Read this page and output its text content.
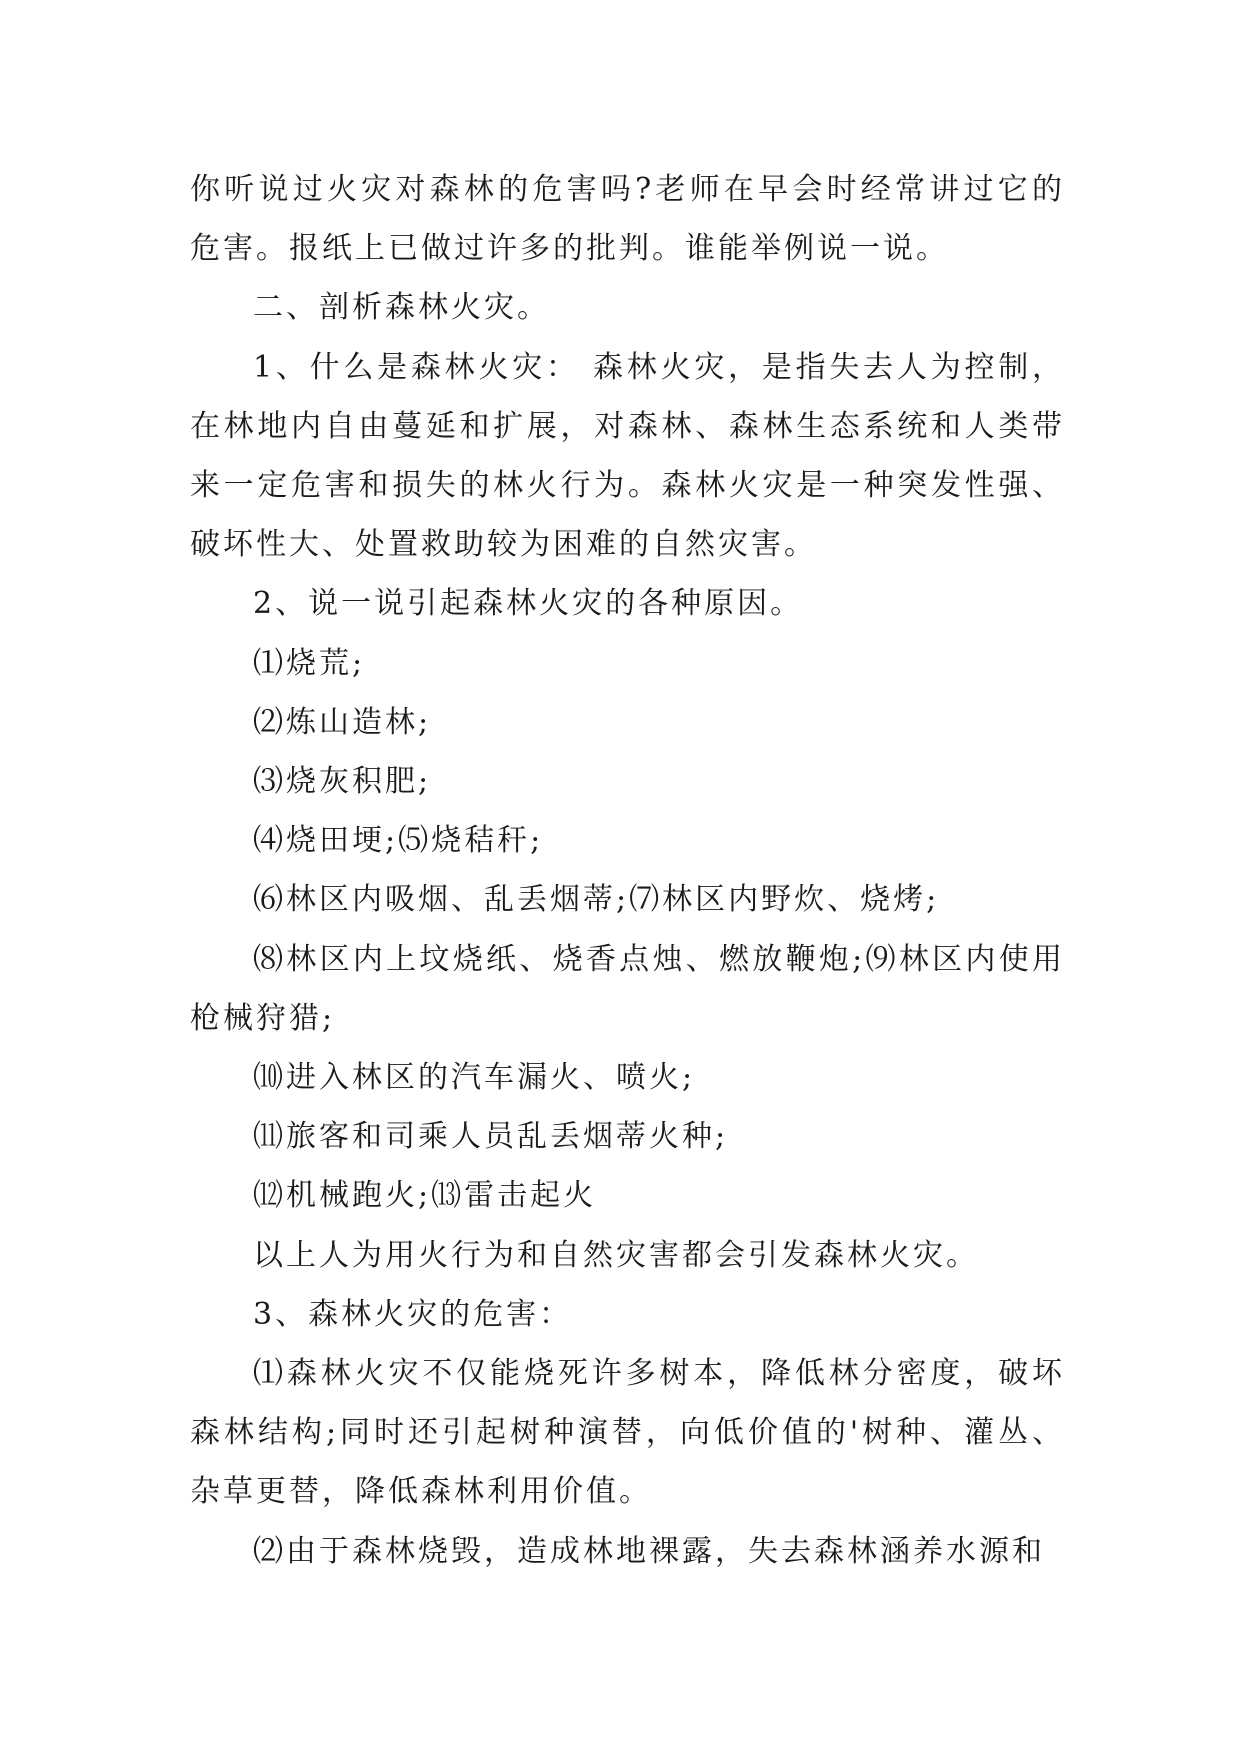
你听说过火灾对森林的危害吗?老师在早会时经常讲过它的危害。报纸上已做过许多的批判。谁能举例说一说。

二、剖析森林火灾。

1、什么是森林火灾： 森林火灾，是指失去人为控制，在林地内自由蔓延和扩展，对森林、森林生态系统和人类带来一定危害和损失的林火行为。森林火灾是一种突发性强、破坏性大、处置救助较为困难的自然灾害。

2、说一说引起森林火灾的各种原因。

⑴烧荒;

⑵炼山造林;

⑶烧灰积肥;

⑷烧田埂;⑸烧秸秆;

⑹林区内吸烟、乱丢烟蒂;⑺林区内野炊、烧烤;

⑻林区内上坟烧纸、烧香点烛、燃放鞭炮;⑼林区内使用枪械狩猎;

⑽进入林区的汽车漏火、喷火;

⑾旅客和司乘人员乱丢烟蒂火种;

⑿机械跑火;⒀雷击起火

以上人为用火行为和自然灾害都会引发森林火灾。

3、森林火灾的危害：

⑴森林火灾不仅能烧死许多树本，降低林分密度，破坏森林结构;同时还引起树种演替，向低价值的'树种、灌丛、杂草更替，降低森林利用价值。

⑵由于森林烧毁，造成林地裸露，失去森林涵养水源和
